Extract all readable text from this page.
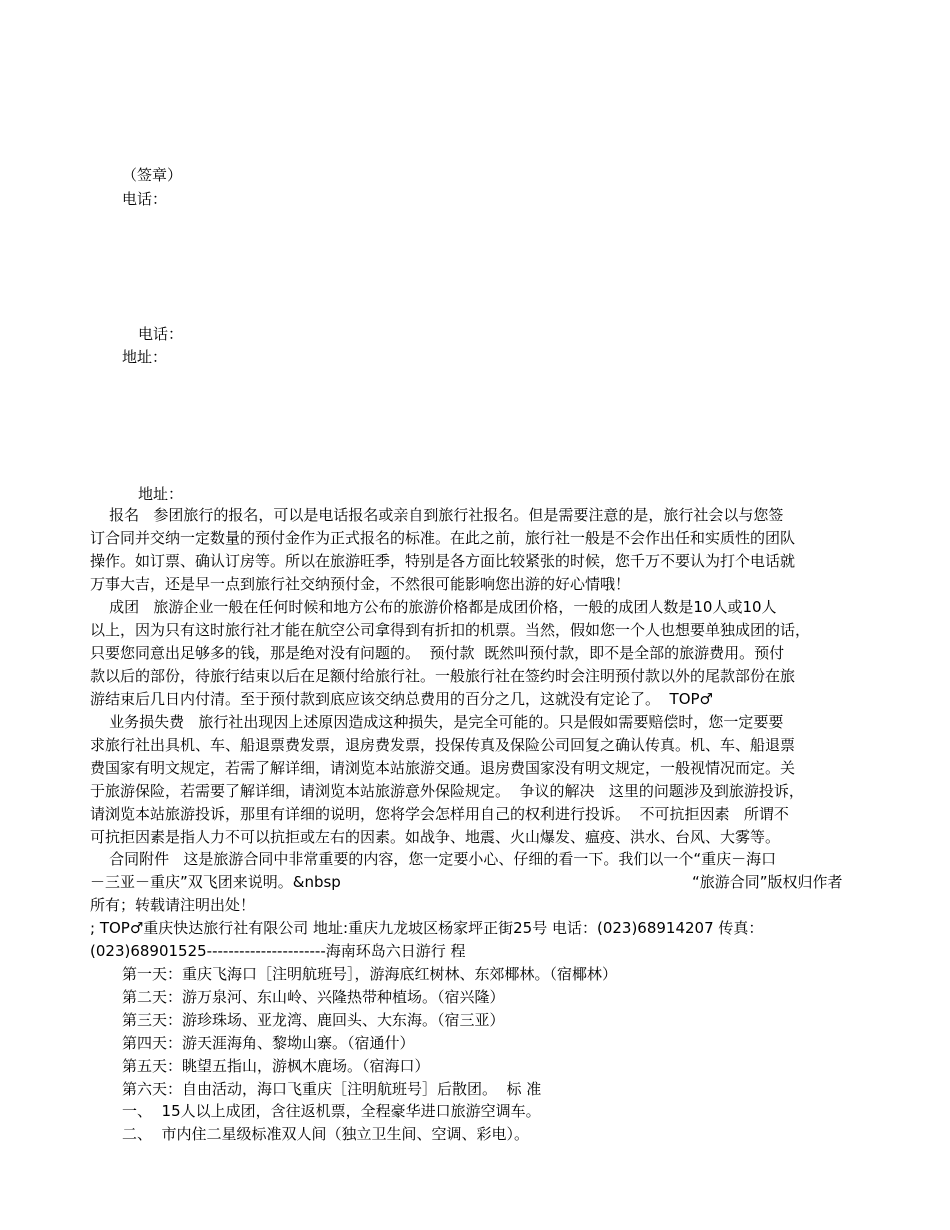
（签章）
电话：
电话：
地址：
地址：
报名   参团旅行的报名，可以是电话报名或亲自到旅行社报名。但是需要注意的是，旅行社会以与您签
订合同并交纳一定数量的预付金作为正式报名的标准。在此之前，旅行社一般是不会作出任和实质性的团队
操作。如订票、确认订房等。所以在旅游旺季，特别是各方面比较紧张的时候，您千万不要认为打个电话就
万事大吉，还是早一点到旅行社交纳预付金，不然很可能影响您出游的好心情哦！
成团   旅游企业一般在任何时候和地方公布的旅游价格都是成团价格，一般的成团人数是10人或10人
以上，因为只有这时旅行社才能在航空公司拿得到有折扣的机票。当然，假如您一个人也想要单独成团的话，
只要您同意出足够多的钱，那是绝对没有问题的。  预付款  既然叫预付款，即不是全部的旅游费用。预付
款以后的部份，待旅行结束以后在足额付给旅行社。一般旅行社在签约时会注明预付款以外的尾款部份在旅
游结束后几日内付清。至于预付款到底应该交纳总费用的百分之几，这就没有定论了。  TOP♂
业务损失费   旅行社出现因上述原因造成这种损失，是完全可能的。只是假如需要赔偿时，您一定要要
求旅行社出具机、车、船退票费发票，退房费发票，投保传真及保险公司回复之确认传真。机、车、船退票
费国家有明文规定，若需了解详细，请浏览本站旅游交通。退房费国家没有明文规定，一般视情况而定。关
于旅游保险，若需要了解详细，请浏览本站旅游意外保险规定。  争议的解决   这里的问题涉及到旅游投诉，
请浏览本站旅游投诉，那里有详细的说明，您将学会怎样用自己的权利进行投诉。  不可抗拒因素   所谓不
可抗拒因素是指人力不可以抗拒或左右的因素。如战争、地震、火山爆发、瘟疫、洪水、台风、大雾等。
合同附件   这是旅游合同中非常重要的内容，您一定要小心、仔细的看一下。我们以一个“重庆－海口
－三亚－重庆”双飞团来说明。&nbsp	“旅游合同”版权归作者
所有；转载请注明出处！
; TOP♂重庆快达旅行社有限公司 地址:重庆九龙坡区杨家坪正街25号 电话：(023)68914207 传真：
(023)68901525----------------------海南环岛六日游行 程
第一天：重庆飞海口［注明航班号］，游海底红树林、东郊椰林。（宿椰林）
第二天：游万泉河、东山岭、兴隆热带种植场。（宿兴隆）
第三天：游珍珠场、亚龙湾、鹿回头、大东海。（宿三亚）
第四天：游天涯海角、黎坳山寨。（宿通什）
第五天：眺望五指山，游枫木鹿场。（宿海口）
第六天：自由活动，海口飞重庆［注明航班号］后散团。  标 准
一、  15人以上成团，含往返机票，全程豪华进口旅游空调车。
二、  市内住二星级标准双人间（独立卫生间、空调、彩电）。
